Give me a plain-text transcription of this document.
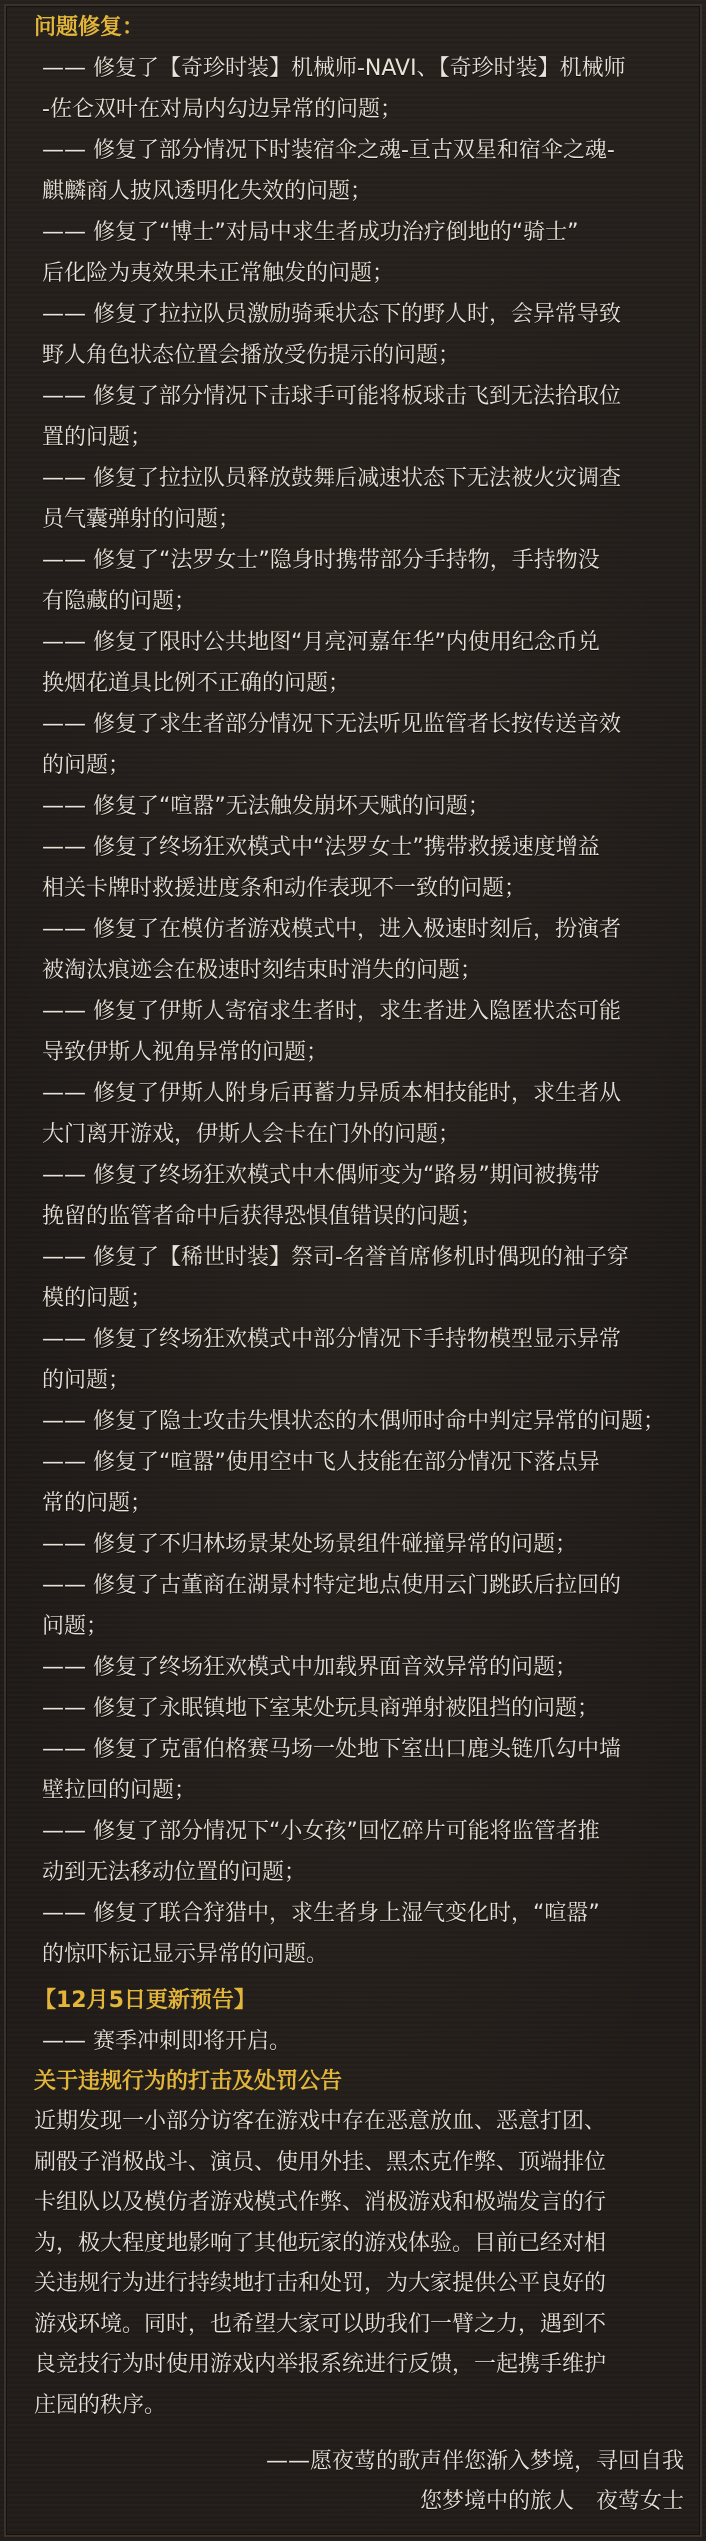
问题修复：

—— 修复了【奇珍时装】机械师-NAVI、【奇珍时装】机械师

-佐仑双叶在对局内勾边异常的问题；

—— 修复了部分情况下时装宿伞之魂-亘古双星和宿伞之魂-

麒麟商人披风透明化失效的问题；

—— 修复了“博士”对局中求生者成功治疗倒地的“骑士”

后化险为夷效果未正常触发的问题；

—— 修复了拉拉队员激励骑乘状态下的野人时，会异常导致

野人角色状态位置会播放受伤提示的问题；

—— 修复了部分情况下击球手可能将板球击飞到无法拾取位

置的问题；

—— 修复了拉拉队员释放鼓舞后减速状态下无法被火灾调查

员气囊弹射的问题；

—— 修复了“法罗女士”隐身时携带部分手持物，手持物没

有隐藏的问题；

—— 修复了限时公共地图“月亮河嘉年华”内使用纪念币兑

换烟花道具比例不正确的问题；

—— 修复了求生者部分情况下无法听见监管者长按传送音效

的问题；

—— 修复了“喧嚣”无法触发崩坏天赋的问题；

—— 修复了终场狂欢模式中“法罗女士”携带救援速度增益

相关卡牌时救援进度条和动作表现不一致的问题；

—— 修复了在模仿者游戏模式中，进入极速时刻后，扮演者

被淘汰痕迹会在极速时刻结束时消失的问题；

—— 修复了伊斯人寄宿求生者时，求生者进入隐匿状态可能

导致伊斯人视角异常的问题；

—— 修复了伊斯人附身后再蓄力异质本相技能时，求生者从

大门离开游戏，伊斯人会卡在门外的问题；

—— 修复了终场狂欢模式中木偶师变为“路易”期间被携带

挽留的监管者命中后获得恐惧值错误的问题；

—— 修复了【稀世时装】祭司-名誉首席修机时偶现的袖子穿

模的问题；

—— 修复了终场狂欢模式中部分情况下手持物模型显示异常

的问题；

—— 修复了隐士攻击失惧状态的木偶师时命中判定异常的问题；

—— 修复了“喧嚣”使用空中飞人技能在部分情况下落点异

常的问题；

—— 修复了不归林场景某处场景组件碰撞异常的问题；

—— 修复了古董商在湖景村特定地点使用云门跳跃后拉回的

问题；

—— 修复了终场狂欢模式中加载界面音效异常的问题；

—— 修复了永眠镇地下室某处玩具商弹射被阻挡的问题；

—— 修复了克雷伯格赛马场一处地下室出口鹿头链爪勾中墙

壁拉回的问题；

—— 修复了部分情况下“小女孩”回忆碎片可能将监管者推

动到无法移动位置的问题；

—— 修复了联合狩猎中，求生者身上湿气变化时，“喧嚣”

的惊吓标记显示异常的问题。

【12月5日更新预告】

—— 赛季冲刺即将开启。

关于违规行为的打击及处罚公告

近期发现一小部分访客在游戏中存在恶意放血、恶意打团、

刷骰子消极战斗、演员、使用外挂、黑杰克作弊、顶端排位

卡组队以及模仿者游戏模式作弊、消极游戏和极端发言的行

为，极大程度地影响了其他玩家的游戏体验。目前已经对相

关违规行为进行持续地打击和处罚，为大家提供公平良好的

游戏环境。同时，也希望大家可以助我们一臂之力，遇到不

良竞技行为时使用游戏内举报系统进行反馈，一起携手维护

庄园的秩序。

——愿夜莺的歌声伴您渐入梦境，寻回自我

您梦境中的旅人　夜莺女士
